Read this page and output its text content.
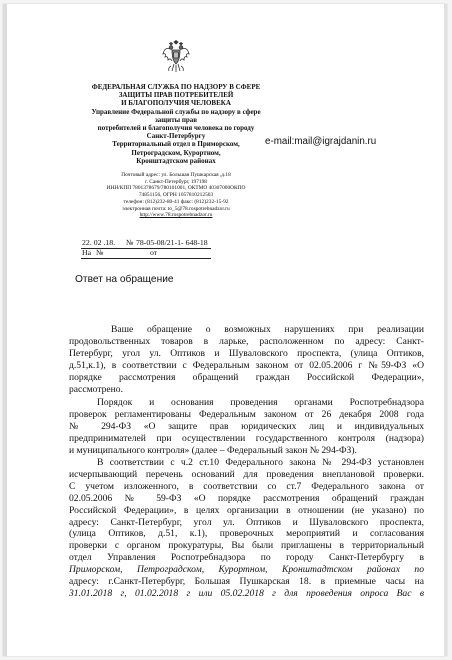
ФЕДЕРАЛЬНАЯ СЛУЖБА ПО НАДЗОРУ В СФЕРЕ
ЗАЩИТЫ ПРАВ ПОТРЕБИТЕЛЕЙ
И БЛАГОПОЛУЧИЯ ЧЕЛОВЕКА
Управление Федеральной службы по надзору в сфере
защиты прав
потребителей и благополучия человека по городу
Санкт-Петербургу
Территориальный отдел в Приморском,
Петроградском, Курортном,
Кронштадтском районах
Почтовый адрес: ул. Большая Пушкарская ,д.18
г. Санкт-Петербург, 197198
ИНН/КПП 7801378679/780101001, ОКТМО 40307000ОКПО
74851156, ОГРН 1057810212503
телефон: (812)232-80-41 факс: (812)232-15-92
электронная почта: to_5@78.rospotrebnadzor.ru
http://www.78.rospotrebnadzor.ru
e-mail:mail@igrajdanin.ru
22. 02 .18. № 78-05-08/21-1- 648-18
На №	от
Ответ на обращение

Ваше обращение о возможных нарушениях при реализации

продовольственных товаров в ларьке, расположенном по адресу: Санкт-

Петербург, угол ул. Оптиков и Шуваловского проспекта, (улица Оптиков,

д.51,к.1), в соответствии с Федеральным законом от 02.05.2006 г №59-ФЗ «О

порядке рассмотрения обращений граждан Российской Федерации»,

рассмотрено.

Порядок и основания проведения органами Роспотребнадзора

проверок регламентированы Федеральным законом от 26 декабря 2008 года

№ 294-ФЗ «О защите прав юридических лиц и индивидуальных

предпринимателей при осуществлении государственного контроля (надзора)

и муниципального контроля» (далее – Федеральный закон № 294-ФЗ).

В соответствии с ч.2 ст.10 Федерального закона № 294-ФЗ установлен

исчерпывающий перечень оснований для проведения внеплановой проверки.

С учетом изложенного, в соответствии со ст.7 Федерального закона от

02.05.2006 № 59-ФЗ «О порядке рассмотрения обращений граждан

Российской Федерации», в целях организации в отношении (не указано) по

адресу: Санкт-Петербург, угол ул. Оптиков и Шуваловского проспекта,

(улица Оптиков, д.51, к.1), проверочных мероприятий и согласования

проверки с органом прокуратуры, Вы были приглашены в территориальный

отдел Управления Роспотребнадзора по городу Санкт-Петербургу в

Приморском, Петроградском, Курортном, Кронштадтском районах по

адресу: г.Санкт-Петербург, Большая Пушкарская 18. в приемные часы на

31.01.2018 г, 01.02.2018 г или 05.02.2018 г для проведения опроса Вас в
